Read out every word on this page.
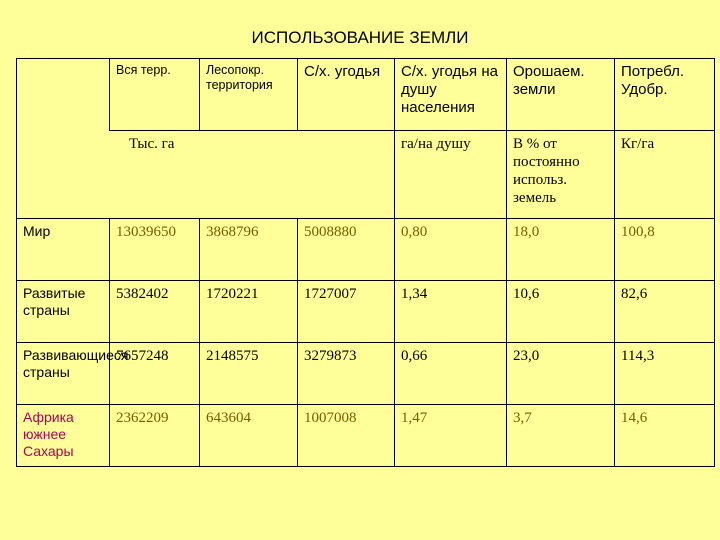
ИСПОЛЬЗОВАНИЕ ЗЕМЛИ
	Вся терр.	Лесопокр. территория	С/х. угодья	С/х. угодья на душу населения	Орошаем. земли	Потребл. Удобр.
Тыс. га				га/на душу	В % от постоянно использ. земель	Кг/га
Мир	13039650	3868796	5008880	0,80	18,0	100,8
Развитые страны	5382402	1720221	1727007	1,34	10,6	82,6
Развивающиеся страны	7657248	2148575	3279873	0,66	23,0	114,3
Африка южнее Сахары	2362209	643604	1007008	1,47	3,7	14,6
